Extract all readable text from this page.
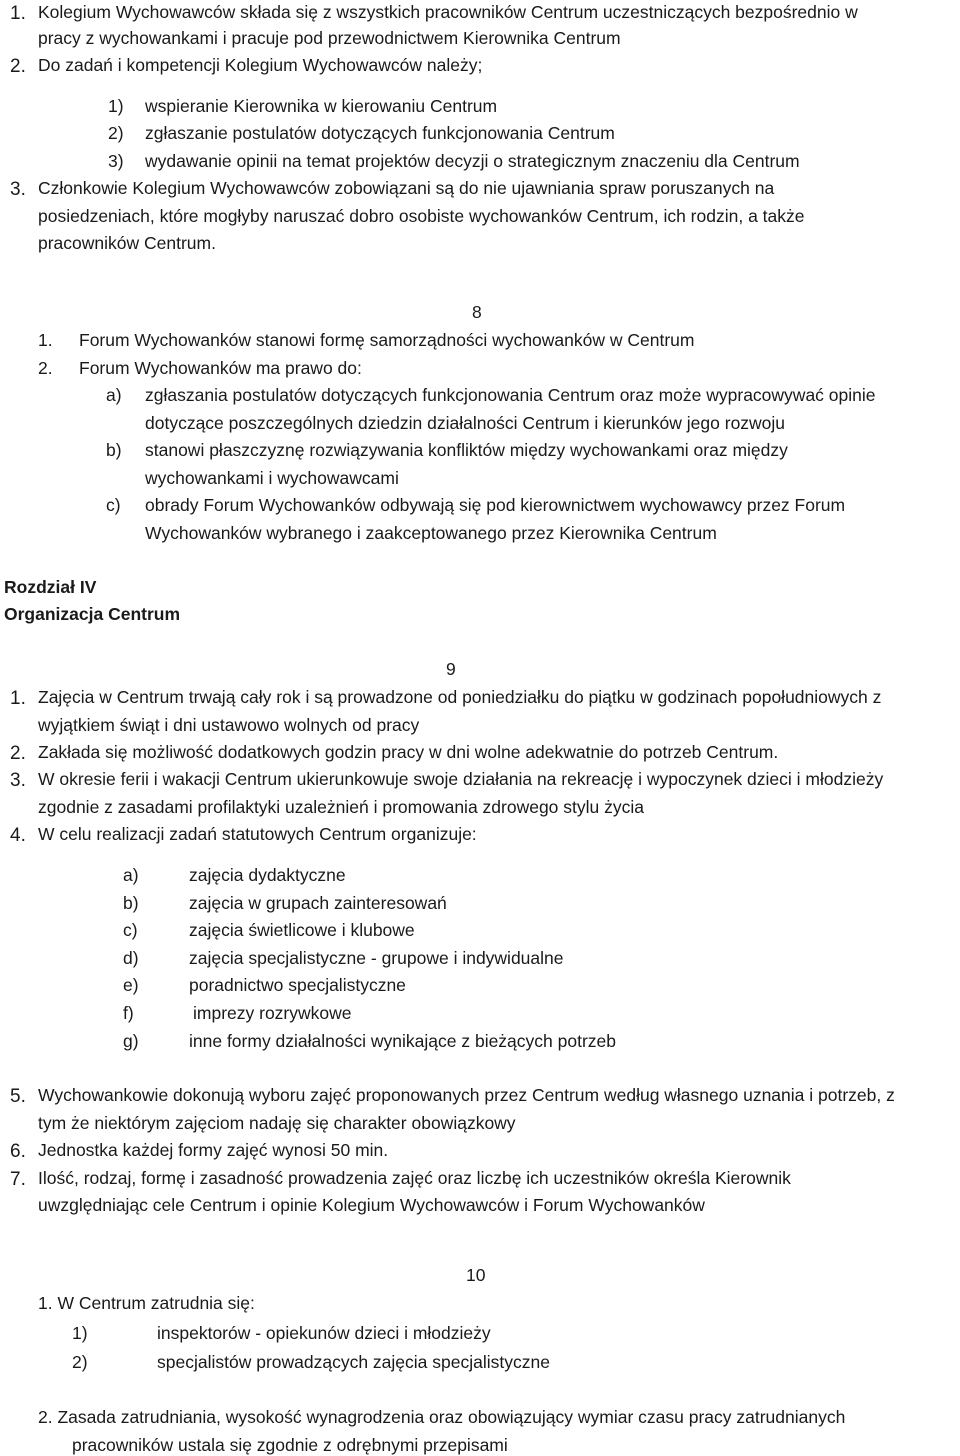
1. Kolegium Wychowawców składa się z wszystkich pracowników Centrum uczestniczących bezpośrednio w
pracy z wychowankami i pracuje pod przewodnictwem Kierownika Centrum
2. Do zadań i kompetencji Kolegium Wychowawców należy;
1) wspieranie Kierownika w kierowaniu Centrum
2) zgłaszanie postulatów dotyczących funkcjonowania Centrum
3) wydawanie opinii na temat projektów decyzji o strategicznym znaczeniu dla Centrum
3. Członkowie Kolegium Wychowawców zobowiązani są do nie ujawniania spraw poruszanych na
posiedzeniach, które mogłyby naruszać dobro osobiste wychowanków Centrum, ich rodzin, a także
pracowników Centrum.
8
1. Forum Wychowanków stanowi formę samorządności wychowanków w Centrum
2. Forum Wychowanków ma prawo do:
a) zgłaszania postulatów dotyczących funkcjonowania Centrum oraz może wypracowywać opinie
dotyczące poszczególnych dziedzin działalności Centrum i kierunków jego rozwoju
b) stanowi płaszczyznę rozwiązywania konfliktów między wychowankami oraz między
wychowankami i wychowawcami
c) obrady Forum Wychowanków odbywają się pod kierownictwem wychowawcy przez Forum
Wychowanków wybranego i zaakceptowanego przez Kierownika Centrum
Rozdział IV
Organizacja Centrum
9
1. Zajęcia w Centrum trwają cały rok i są prowadzone od poniedziałku do piątku w godzinach popołudniowych z
wyjątkiem świąt i dni ustawowo wolnych od pracy
2. Zakłada się możliwość dodatkowych godzin pracy w dni wolne adekwatnie do potrzeb Centrum.
3. W okresie ferii i wakacji Centrum ukierunkowuje swoje działania na rekreację i wypoczynek dzieci i młodzieży
zgodnie z zasadami profilaktyki uzależnień i promowania zdrowego stylu życia
4. W celu realizacji zadań statutowych Centrum organizuje:
a)	zajęcia dydaktyczne
b)	zajęcia w grupach zainteresowań
c)	zajęcia świetlicowe i klubowe
d)	zajęcia specjalistyczne - grupowe i indywidualne
e)	poradnictwo specjalistyczne
f)	imprezy rozrywkowe
g)	inne formy działalności wynikające z bieżących potrzeb
5. Wychowankowie dokonują wyboru zajęć proponowanych przez Centrum według własnego uznania i potrzeb, z
tym że niektórym zajęciom nadaję się charakter obowiązkowy
6. Jednostka każdej formy zajęć wynosi 50 min.
7. Ilość, rodzaj, formę i zasadność prowadzenia zajęć oraz liczbę ich uczestników określa Kierownik
uwzględniając cele Centrum i opinie Kolegium Wychowawców i Forum Wychowanków
10
1. W Centrum zatrudnia się:
1)	inspektorów - opiekunów dzieci i młodzieży
2)	specjalistów prowadzących zajęcia specjalistyczne
2. Zasada zatrudniania, wysokość wynagrodzenia oraz obowiązujący wymiar czasu pracy zatrudnianych
pracowników ustala się zgodnie z odrębnymi przepisami
